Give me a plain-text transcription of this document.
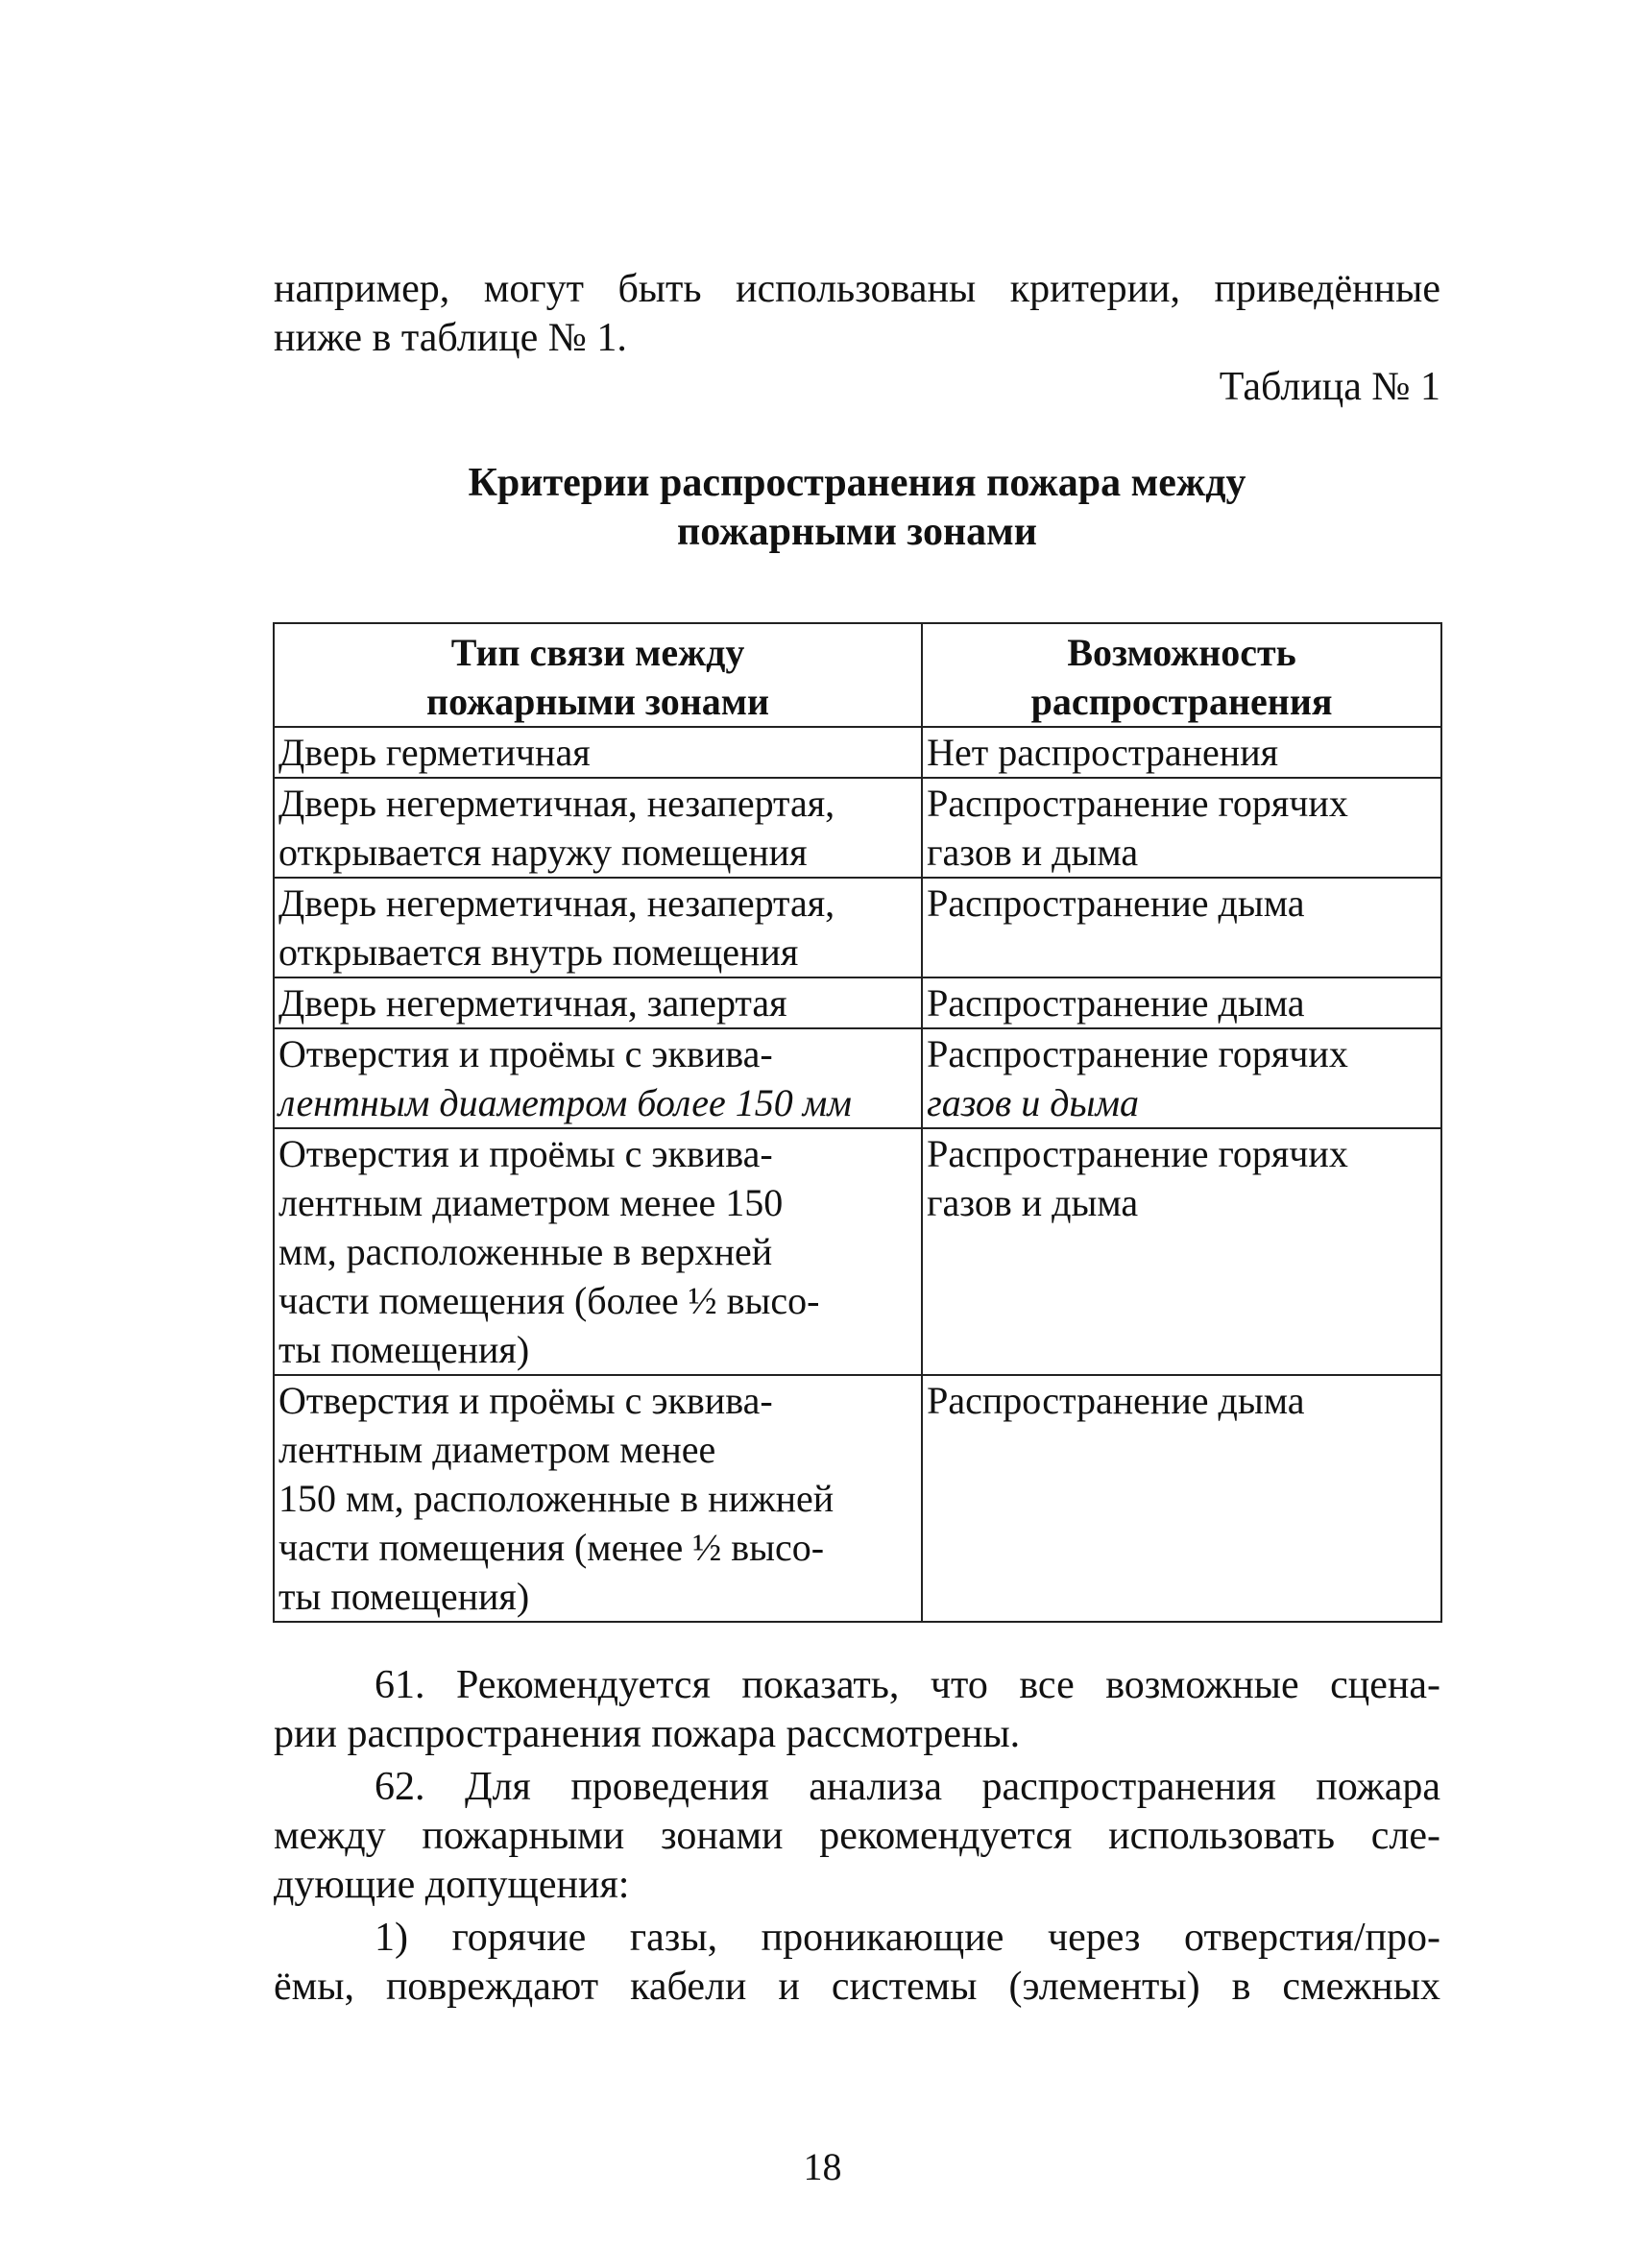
например, могут быть использованы критерии, приведённые
ниже в таблице № 1.

Таблица № 1

Критерии распространения пожара между
пожарными зонами
Тип связи между
пожарными зонами	Возможность
распространения

Дверь герметичная	Нет распространения

Дверь негерметичная, незапертая,
открывается наружу помещения	Распространение горячих
газов и дыма

Дверь негерметичная, незапертая,
открывается внутрь помещения	Распространение дыма

Дверь негерметичная, запертая	Распространение дыма

Отверстия и проёмы с эквива-
лентным диаметром более 150 мм	Распространение горячих
газов и дыма

Отверстия и проёмы с эквива-
лентным диаметром менее 150
мм, расположенные в верхней
части помещения (более ½ высо-
ты помещения)	Распространение горячих
газов и дыма

Отверстия и проёмы с эквива-
лентным диаметром менее
150 мм, расположенные в нижней
части помещения (менее ½ высо-
ты помещения)	Распространение дыма

61. Рекомендуется показать, что все возможные сцена-
рии распространения пожара рассмотрены.

62. Для проведения анализа распространения пожара
между пожарными зонами рекомендуется использовать сле-
дующие допущения:

1) горячие газы, проникающие через отверстия/про-
ёмы, повреждают кабели и системы (элементы) в смежных

18
